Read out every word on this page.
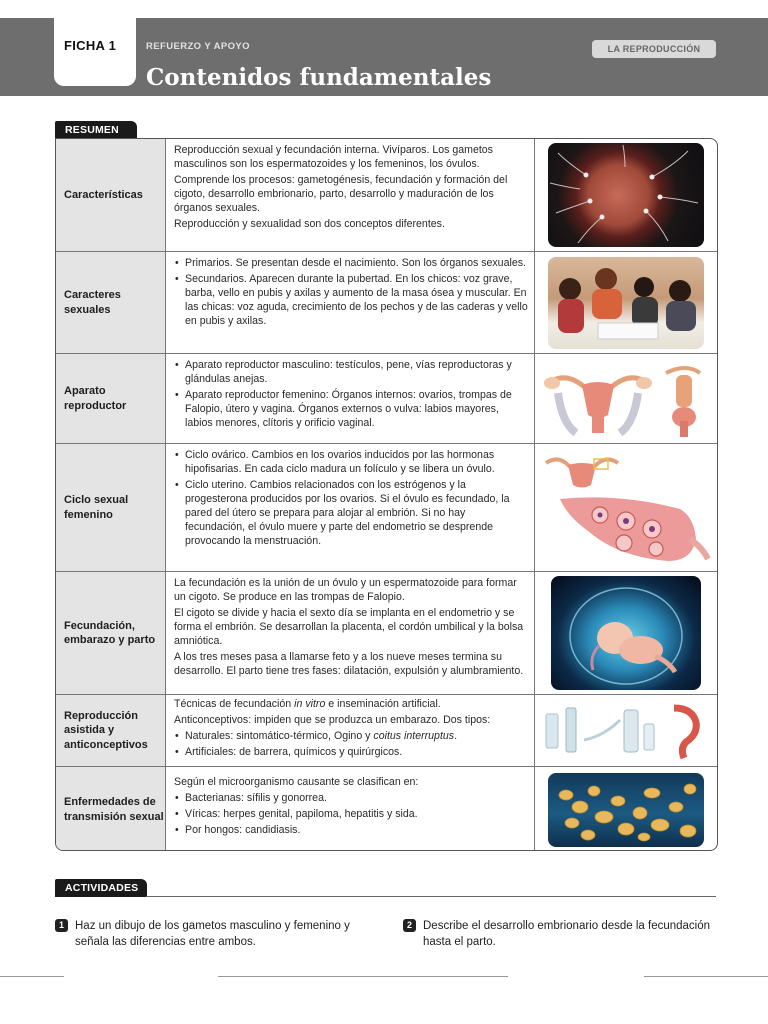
FICHA 1	REFUERZO Y APOYO
Contenidos fundamentales
LA REPRODUCCIÓN
RESUMEN
Características

Reproducción sexual y fecundación interna. Vivíparos. Los gametos masculinos son los espermatozoides y los femeninos, los óvulos.

Comprende los procesos: gametogénesis, fecundación y formación del cigoto, desarrollo embrionario, parto, desarrollo y maduración de los órganos sexuales.

Reproducción y sexualidad son dos conceptos diferentes.

Caracteres sexuales
• Primarios. Se presentan desde el nacimiento. Son los órganos sexuales.
• Secundarios. Aparecen durante la pubertad. En los chicos: voz grave, barba, vello en pubis y axilas y aumento de la masa ósea y muscular. En las chicas: voz aguda, crecimiento de los pechos y de las caderas y vello en pubis y axilas.
Aparato reproductor
• Aparato reproductor masculino: testículos, pene, vías reproductoras y glándulas anejas.
• Aparato reproductor femenino: Órganos internos: ovarios, trompas de Falopio, útero y vagina. Órganos externos o vulva: labios mayores, labios menores, clítoris y orificio vaginal.
Ciclo sexual femenino
• Ciclo ovárico. Cambios en los ovarios inducidos por las hormonas hipofisarias. En cada ciclo madura un folículo y se libera un óvulo.
• Ciclo uterino. Cambios relacionados con los estrógenos y la progesterona producidos por los ovarios. Si el óvulo es fecundado, la pared del útero se prepara para alojar al embrión. Si no hay fecundación, el óvulo muere y parte del endometrio se desprende provocando la menstruación.
Fecundación, embarazo y parto

La fecundación es la unión de un óvulo y un espermatozoide para formar un cigoto. Se produce en las trompas de Falopio.

El cigoto se divide y hacia el sexto día se implanta en el endometrio y se forma el embrión. Se desarrollan la placenta, el cordón umbilical y la bolsa amniótica.

A los tres meses pasa a llamarse feto y a los nueve meses termina su desarrollo. El parto tiene tres fases: dilatación, expulsión y alumbramiento.

Reproducción asistida y anticonceptivos

Técnicas de fecundación in vitro e inseminación artificial.

Anticonceptivos: impiden que se produzca un embarazo. Dos tipos:

• Naturales: sintomático-térmico, Ogino y coitus interruptus.
• Artificiales: de barrera, químicos y quirúrgicos.
Enfermedades de transmisión sexual

Según el microorganismo causante se clasifican en:

• Bacterianas: sífilis y gonorrea.
• Víricas: herpes genital, papiloma, hepatitis y sida.
• Por hongos: candidiasis.
ACTIVIDADES
1 Haz un dibujo de los gametos masculino y femenino y señala las diferencias entre ambos.
2 Describe el desarrollo embrionario desde la fecundación hasta el parto.
